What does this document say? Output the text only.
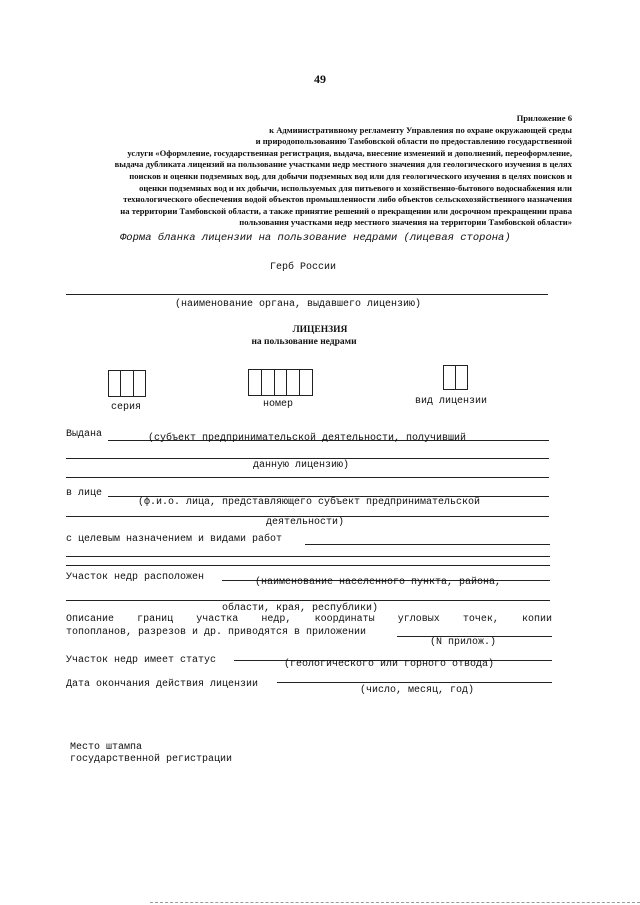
49
Приложение 6
к Административному регламенту Управления по охране окружающей среды
и природопользованию Тамбовской области по предоставлению государственной
услуги «Оформление, государственная регистрация, выдача, внесение изменений и дополнений, переоформление,
выдача дубликата лицензий на пользование участками недр местного значения для геологического изучения в целях
поисков и оценки подземных вод, для добычи подземных вод или для геологического изучения в целях поисков и
оценки подземных вод и их добычи, используемых для питьевого и хозяйственно-бытового водоснабжения или
технологического обеспечения водой объектов промышленности либо объектов сельскохозяйственного назначения
на территории Тамбовской области, а также принятие решений о прекращении или досрочном прекращении права
пользования участками недр местного значения на территории Тамбовской области»
Форма бланка лицензии на пользование недрами (лицевая сторона)
Герб России
(наименование органа, выдавшего лицензию)
ЛИЦЕНЗИЯ
на пользование недрами
серия	номер	вид лицензии
Выдана	(субъект предпринимательской деятельности, получивший
данную лицензию)
в лице
(ф.и.о. лица, представляющего субъект предпринимательской
деятельности)
с целевым назначением и видами работ
Участок недр расположен	(наименование населенного пункта, района,
области, края, республики)
Описание границ участка недр, координаты угловых точек, копии
топопланов, разрезов и др. приводятся в приложении
(N прилож.)
Участок недр имеет статус	(геологического или горного отвода)
Дата окончания действия лицензии
(число, месяц, год)
Место штампа
государственной регистрации
